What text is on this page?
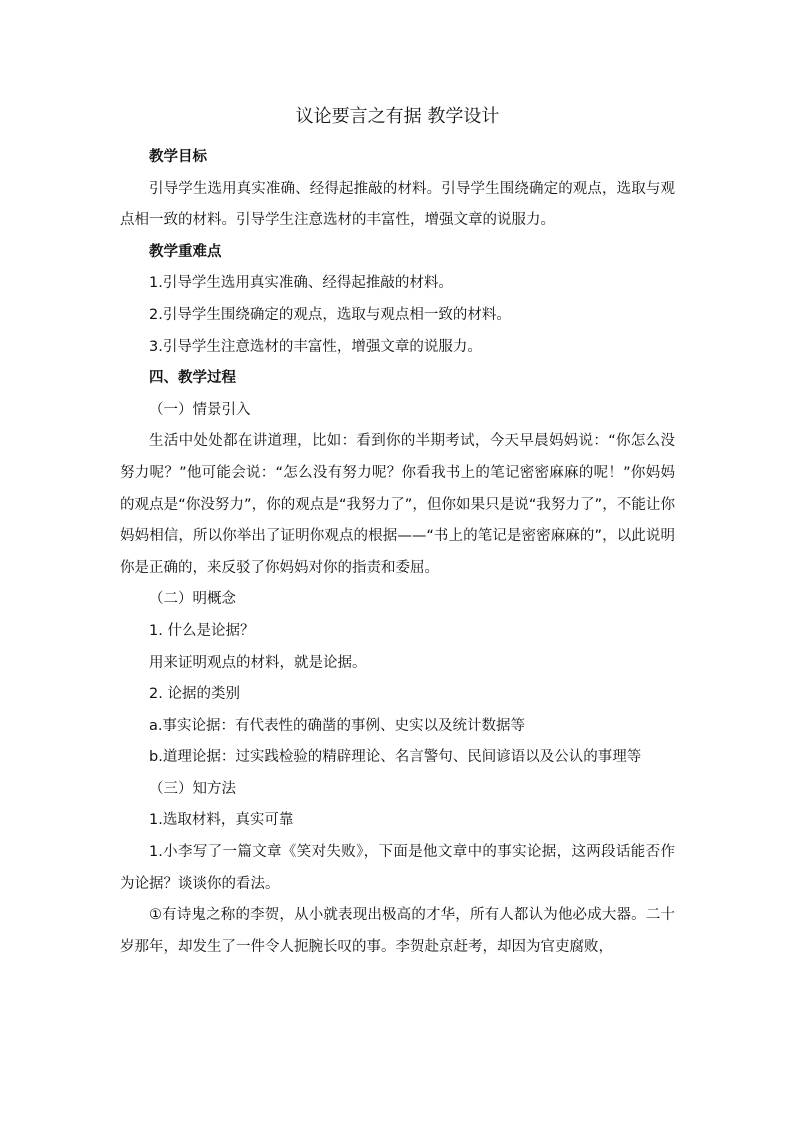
议论要言之有据 教学设计

教学目标

引导学生选用真实准确、经得起推敲的材料。引导学生围绕确定的观点，选取与观点相一致的材料。引导学生注意选材的丰富性，增强文章的说服力。

教学重难点

1.引导学生选用真实准确、经得起推敲的材料。

2.引导学生围绕确定的观点，选取与观点相一致的材料。

3.引导学生注意选材的丰富性，增强文章的说服力。

四、教学过程

（一）情景引入

生活中处处都在讲道理，比如：看到你的半期考试，今天早晨妈妈说：“你怎么没努力呢？”他可能会说：“怎么没有努力呢？你看我书上的笔记密密麻麻的呢！”你妈妈的观点是“你没努力”，你的观点是“我努力了”，但你如果只是说“我努力了”，不能让你妈妈相信，所以你举出了证明你观点的根据——“书上的笔记是密密麻麻的”，以此说明你是正确的，来反驳了你妈妈对你的指责和委屈。

（二）明概念

1. 什么是论据？

用来证明观点的材料，就是论据。

2. 论据的类别

a.事实论据：有代表性的确凿的事例、史实以及统计数据等

b.道理论据：过实践检验的精辟理论、名言警句、民间谚语以及公认的事理等

（三）知方法

1.选取材料，真实可靠

1.小李写了一篇文章《笑对失败》，下面是他文章中的事实论据，这两段话能否作为论据？谈谈你的看法。

①有诗鬼之称的李贺，从小就表现出极高的才华，所有人都认为他必成大器。二十岁那年，却发生了一件令人扼腕长叹的事。李贺赴京赶考，却因为官吏腐败，
